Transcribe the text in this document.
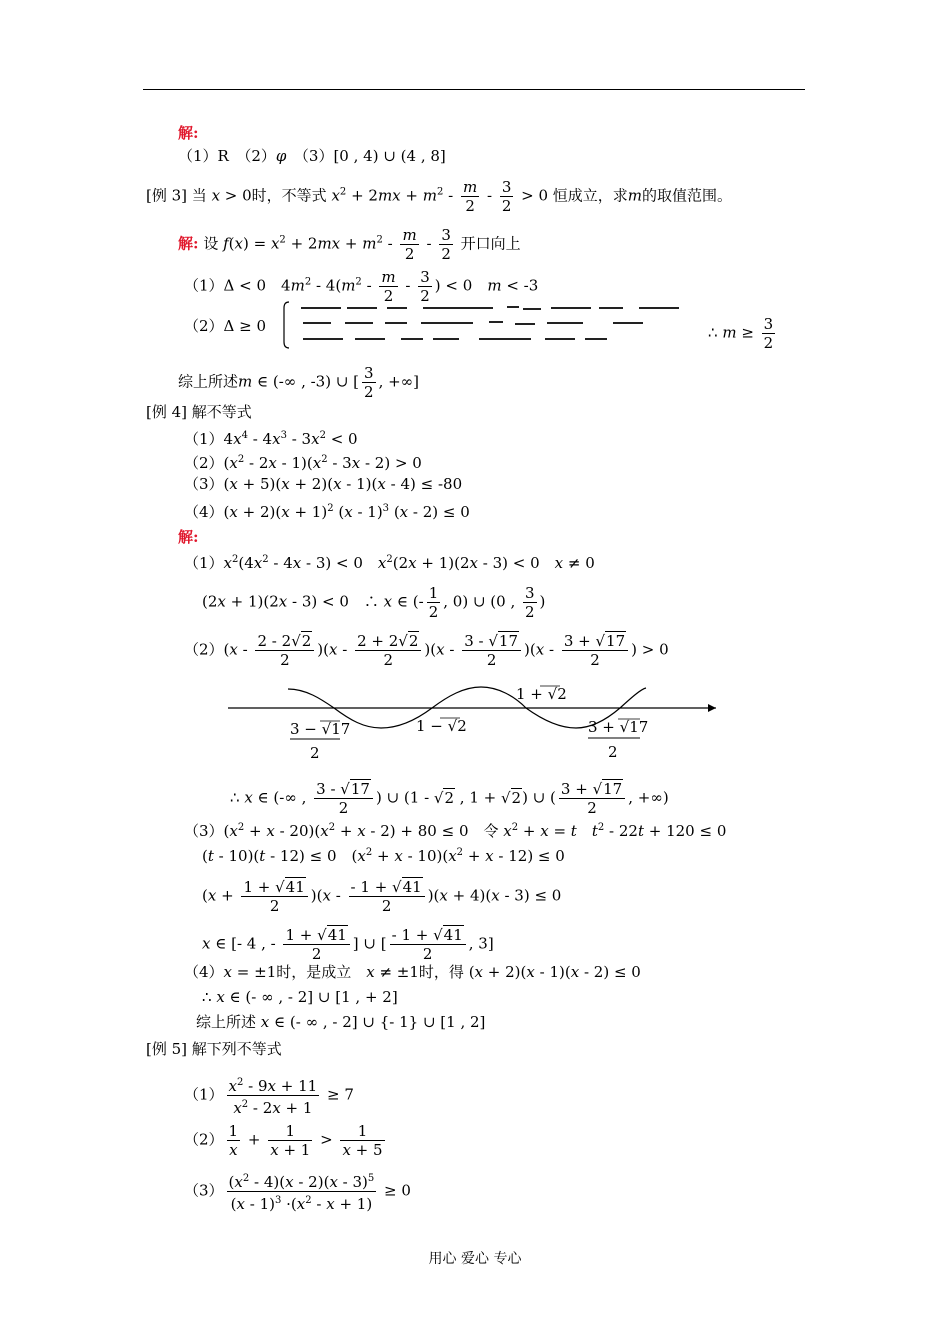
解:
（1）R　（2）φ　（3）[0 , 4) ∪ (4 , 8]
[例 3] 当 x > 0时，不等式 $x^2 + 2mx + m^2 - \frac{m}{2} - \frac{3}{2} > 0$ 恒成立，求m的取值范围。
解: 设 $f(x) = x^2 + 2mx + m^2 - \frac{m}{2} - \frac{3}{2}$ 开口向上
（1）Δ < 0　$4m^2 - 4(m^2 - \frac{m}{2} - \frac{3}{2}$ ) < 0　m < -3
（2）Δ ≥ 0	∴ $m \ge \frac{3}{2}$
综上所述m ∈ (-∞ , -3) ∪ [ $\frac{3}{2}$ , +∞]
[例 4] 解不等式
$(1)4x^4 - 4x^3 - 3x^2 < 0$
$(2)(x^2 - 2x - 1)(x^2 - 3x - 2) > 0$
（3）(x + 5)(x + 2)(x - 1)(x - 4) ≤ -80
$(4)(x + 2)(x + 1)^2$ (x - 1)$^3$ (x - 2) ≤ 0
解:
$(1)x^2(4x^2 - 4x - 3) < 0$　$x^2(2x + 1)(2x - 3) < 0$　x ≠ 0
(2x + 1)(2x - 3) < 0　∴ x ∈ (- $\frac{1}{2}$ , 0) ∪ (0 , $\frac{3}{2}$ )
$(2)(x - \frac{2 - 2√2}{2} )(x - \frac{2 + 2√2}{2} )(x - \frac{3 - √17}{2} )(x - \frac{3 + √17}{2}$ ) > 0
1 + √2
3 − √17
2
1 − √2	3 + √17
2
∴ x ∈ (-∞ , $\frac{3 - √17}{2}$ ) ∪ (1 - √2 , 1 + √2) ∪ ( $\frac{3 + √17}{2}$ , +∞)
$(3)(x^2 + x - 20)(x^2 + x - 2) + 80 \le 0$　令 $x^2 + x = t$　 $t^2 - 22t + 120 \le 0$
(t - 10)(t - 12) ≤ 0　$(x^2 + x - 10)(x^2 + x - 12) \le 0$
$(x + \frac{1 + √41}{2} )(x - \frac{- 1 + √41}{2} )(x + 4)(x - 3) \le 0$
x ∈ [- 4 , - $\frac{1 + √41}{2}$ ] ∪ [ $\frac{- 1 + √41}{2}$ , 3]
（4）x = ±1时，是成立　x ≠ ±1时，得 (x + 2)(x - 1)(x - 2) ≤ 0
∴ x ∈ (- ∞ , - 2] ∪ [1 , + 2]
综上所述 x ∈ (- ∞ , - 2] ∪ {- 1} ∪ [1 , 2]
[例 5] 解下列不等式
$(1) \frac{x^2 - 9x + 11}{x^2 - 2x + 1} \ge 7$
$(2) \frac{1}{x} + \frac{1}{x + 1} > \frac{1}{x + 5}$
$(3) \frac{(x^2 - 4)(x - 2)(x - 3)^5}{(x - 1)^3 \cdot(x^2 - x + 1)} \ge 0$
用心 爱心 专心
